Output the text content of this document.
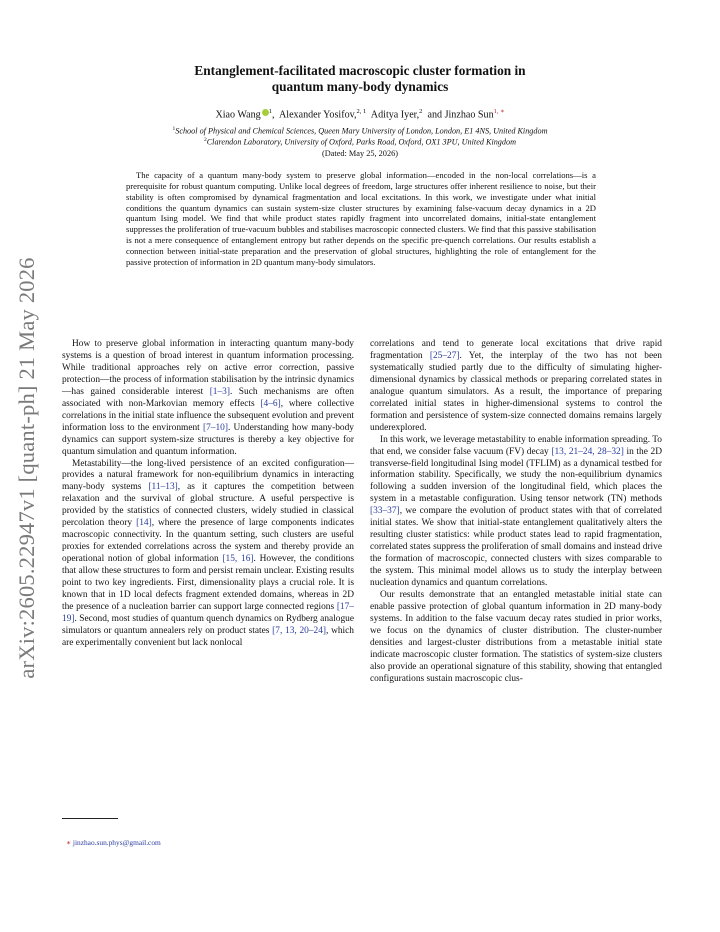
arXiv:2605.22947v1 [quant-ph] 21 May 2026
Entanglement-facilitated macroscopic cluster formation in
quantum many-body dynamics
Xiao Wang $^1$,  Alexander Yosifov,$^{2, 1}$ Aditya Iyer,$^2$ and Jinzhao Sun$^{1, ∗}$
$^1$School of Physical and Chemical Sciences, Queen Mary University of London, London, E1 4NS, United Kingdom
$^2$Clarendon Laboratory, University of Oxford, Parks Road, Oxford, OX1 3PU, United Kingdom
(Dated: May 25, 2026)
The capacity of a quantum many-body system to preserve global information—encoded in the non-local correlations—is a prerequisite for robust quantum computing. Unlike local degrees of freedom, large structures offer inherent resilience to noise, but their stability is often compromised by dynamical fragmentation and local excitations. In this work, we investigate under what initial conditions the quantum dynamics can sustain system-size cluster structures by examining false-vacuum decay dynamics in a 2D quantum Ising model. We find that while product states rapidly fragment into uncorrelated domains, initial-state entanglement suppresses the proliferation of true-vacuum bubbles and stabilises macroscopic connected clusters. We find that this passive stabilisation is not a mere consequence of entanglement entropy but rather depends on the specific pre-quench correlations. Our results establish a connection between initial-state preparation and the preservation of global structures, highlighting the role of entanglement for the passive protection of information in 2D quantum many-body simulators.

How to preserve global information in interacting quantum many-body systems is a question of broad interest in quantum information processing. While traditional approaches rely on active error correction, passive protection—the process of information stabilisation by the intrinsic dynamics—has gained considerable interest [1–3]. Such mechanisms are often associated with non-Markovian memory effects [4–6], where collective correlations in the initial state influence the subsequent evolution and prevent information loss to the environment [7–10]. Understanding how many-body dynamics can support system-size structures is thereby a key objective for quantum simulation and quantum information.

Metastability—the long-lived persistence of an excited configuration—provides a natural framework for non-equilibrium dynamics in interacting many-body systems [11–13], as it captures the competition between relaxation and the survival of global structure. A useful perspective is provided by the statistics of connected clusters, widely studied in classical percolation theory [14], where the presence of large components indicates macroscopic connectivity. In the quantum setting, such clusters are useful proxies for extended correlations across the system and thereby provide an operational notion of global information [15, 16]. However, the conditions that allow these structures to form and persist remain unclear. Existing results point to two key ingredients. First, dimensionality plays a crucial role. It is known that in 1D local defects fragment extended domains, whereas in 2D the presence of a nucleation barrier can support large connected regions [17–19]. Second, most studies of quantum quench dynamics on Rydberg analogue simulators or quantum annealers rely on product states [7, 13, 20–24], which are experimentally convenient but lack nonlocal

correlations and tend to generate local excitations that drive rapid fragmentation [25–27]. Yet, the interplay of the two has not been systematically studied partly due to the difficulty of simulating higher-dimensional dynamics by classical methods or preparing correlated states in analogue quantum simulators. As a result, the importance of preparing correlated initial states in higher-dimensional systems to control the formation and persistence of system-size connected domains remains largely underexplored.

In this work, we leverage metastability to enable information spreading. To that end, we consider false vacuum (FV) decay [13, 21–24, 28–32] in the 2D transverse-field longitudinal Ising model (TFLIM) as a dynamical testbed for information stability. Specifically, we study the non-equilibrium dynamics following a sudden inversion of the longitudinal field, which places the system in a metastable configuration. Using tensor network (TN) methods [33–37], we compare the evolution of product states with that of correlated initial states. We show that initial-state entanglement qualitatively alters the resulting cluster statistics: while product states lead to rapid fragmentation, correlated states suppress the proliferation of small domains and instead drive the formation of macroscopic, connected clusters with sizes comparable to the system. This minimal model allows us to study the interplay between nucleation dynamics and quantum correlations.

Our results demonstrate that an entangled metastable initial state can enable passive protection of global quantum information in 2D many-body systems. In addition to the false vacuum decay rates studied in prior works, we focus on the dynamics of cluster distribution. The cluster-number densities and largest-cluster distributions from a metastable initial state indicate macroscopic cluster formation. The statistics of system-size clusters also provide an operational signature of this stability, showing that entangled configurations sustain macroscopic clus-

∗ jinzhao.sun.phys@gmail.com
